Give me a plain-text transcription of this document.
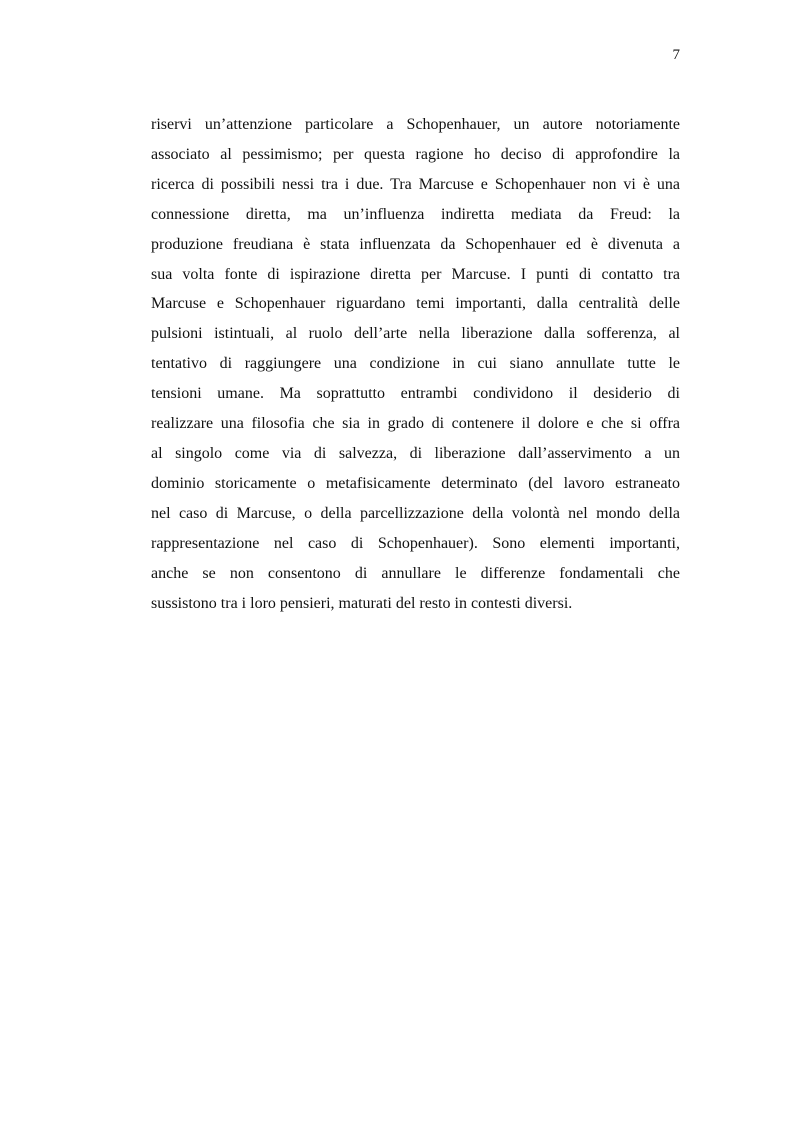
7

riservi un’attenzione particolare a Schopenhauer, un autore notoriamente
associato al pessimismo; per questa ragione ho deciso di approfondire la
ricerca di possibili nessi tra i due. Tra Marcuse e Schopenhauer non vi è una
connessione diretta, ma un’influenza indiretta mediata da Freud: la
produzione freudiana è stata influenzata da Schopenhauer ed è divenuta a
sua volta fonte di ispirazione diretta per Marcuse. I punti di contatto tra
Marcuse e Schopenhauer riguardano temi importanti, dalla centralità delle
pulsioni istintuali, al ruolo dell’arte nella liberazione dalla sofferenza, al
tentativo di raggiungere una condizione in cui siano annullate tutte le
tensioni umane. Ma soprattutto entrambi condividono il desiderio di
realizzare una filosofia che sia in grado di contenere il dolore e che si offra
al singolo come via di salvezza, di liberazione dall’asservimento a un
dominio storicamente o metafisicamente determinato (del lavoro estraneato
nel caso di Marcuse, o della parcellizzazione della volontà nel mondo della
rappresentazione nel caso di Schopenhauer). Sono elementi importanti,
anche se non consentono di annullare le differenze fondamentali che
sussistono tra i loro pensieri, maturati del resto in contesti diversi.
